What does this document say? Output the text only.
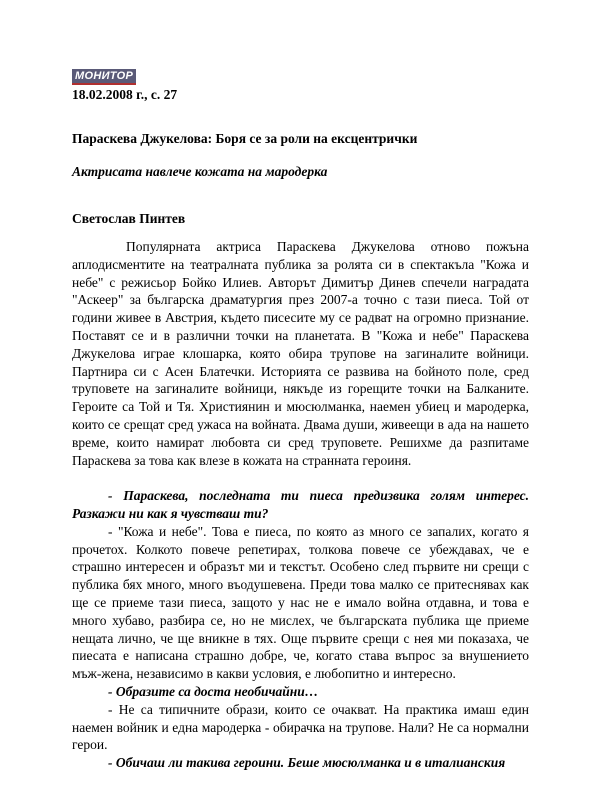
МОНИТОР
18.02.2008 г., с. 27
Параскева Джукелова: Боря се за роли на ексцентрички
Актрисата навлече кожата на мародерка
Светослав Пинтев

Популярната актриса Параскева Джукелова отново пожъна аплодисментите на театралната публика за ролята си в спектакъла "Кожа и небе" с режисьор Бойко Илиев. Авторът Димитър Динев спечели наградата "Аскеер" за българска драматургия през 2007-а точно с тази пиеса. Той от години живее в Австрия, където писесите му се радват на огромно признание. Поставят се и в различни точки на планетата. В "Кожа и небе" Параскева Джукелова играе клошарка, която обира трупове на загиналите войници. Партнира си с Асен Блатечки. Историята се развива на бойното поле, сред труповете на загиналите войници, някъде из горещите точки на Балканите. Героите са Той и Тя. Християнин и мюсюлманка, наемен убиец и мародерка, които се срещат сред ужаса на войната. Двама души, живеещи в ада на нашето време, които намират любовта си сред труповете. Решихме да разпитаме Параскева за това как влезе в кожата на странната героиня.

- Параскева, последната ти пиеса предизвика голям интерес. Разкажи ни как я чувстваш ти?

- "Кожа и небе". Това е пиеса, по която аз много се запалих, когато я прочетох. Колкото повече репетирах, толкова повече се убеждавах, че е страшно интересен и образът ми и текстът. Особено след първите ни срещи с публика бях много, много въодушевена. Преди това малко се притеснявах как ще се приеме тази пиеса, защото у нас не е имало война отдавна, и това е много хубаво, разбира се, но не мислех, че българската публика ще приеме нещата лично, че ще вникне в тях. Още първите срещи с нея ми показаха, че пиесата е написана страшно добре, че, когато става въпрос за внушението мъж-жена, независимо в какви условия, е любопитно и интересно.

- Образите са доста необичайни…

- Не са типичните образи, които се очакват. На практика имаш един наемен войник и една мародерка - обирачка на трупове. Нали? Не са нормални герои.

- Обичаш ли такива героини. Беше мюсюлманка и в италианския
